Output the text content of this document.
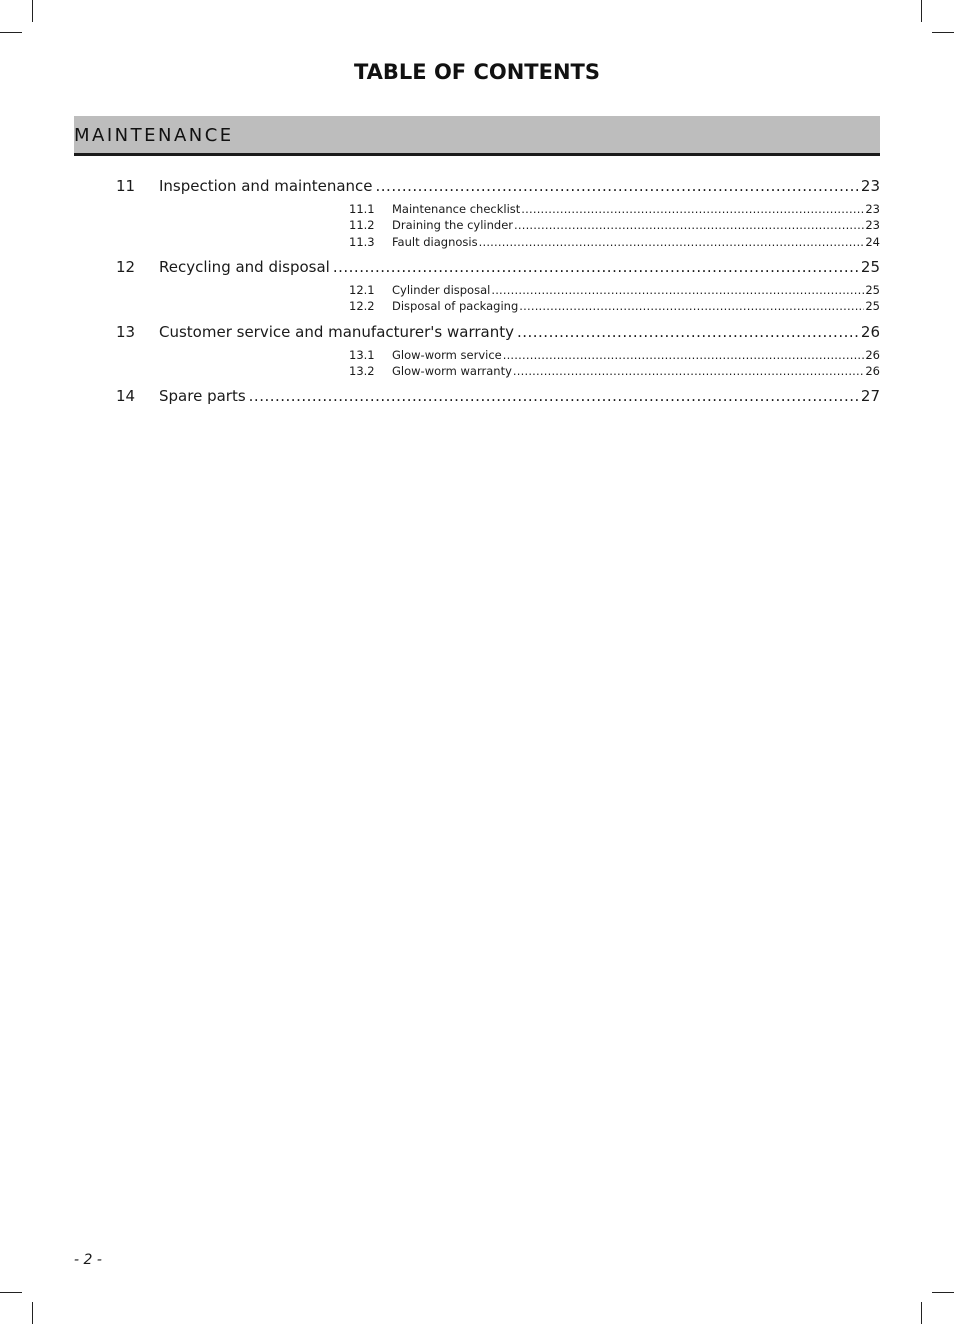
TABLE OF CONTENTS
MAINTENANCE
11	Inspection and maintenance .....	23
11.1	Maintenance checklist .....	23
11.2	Draining the cylinder .....	23
11.3	Fault diagnosis .....	24
12	Recycling and disposal .....	25
12.1	Cylinder disposal .....	25
12.2	Disposal of packaging .....	25
13	Customer service and manufacturer's warranty .....	26
13.1	Glow-worm service .....	26
13.2	Glow-worm warranty .....	26
14	Spare parts .....	27
- 2 -
